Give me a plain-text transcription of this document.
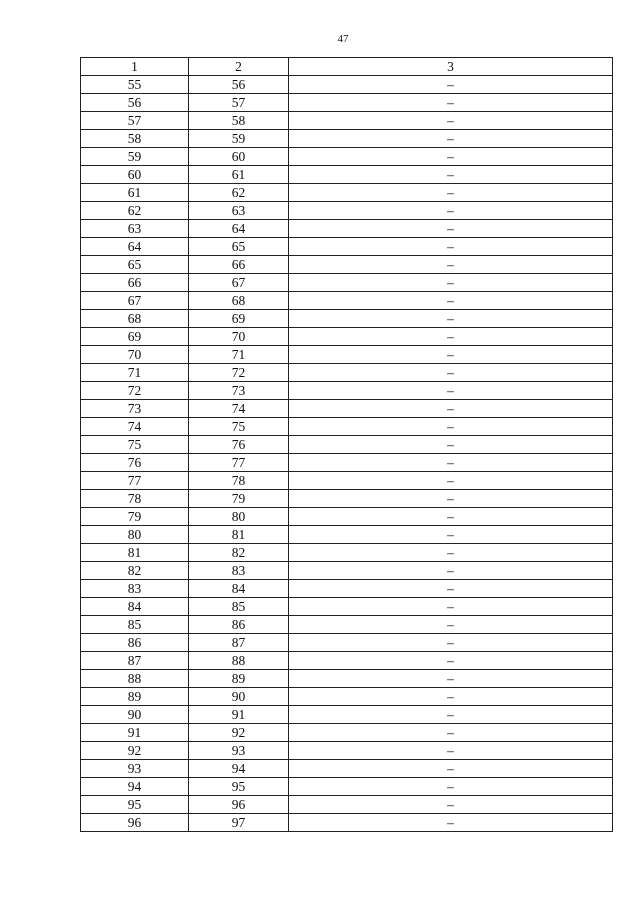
47
1	2	3
55	56	–
56	57	–
57	58	–
58	59	–
59	60	–
60	61	–
61	62	–
62	63	–
63	64	–
64	65	–
65	66	–
66	67	–
67	68	–
68	69	–
69	70	–
70	71	–
71	72	–
72	73	–
73	74	–
74	75	–
75	76	–
76	77	–
77	78	–
78	79	–
79	80	–
80	81	–
81	82	–
82	83	–
83	84	–
84	85	–
85	86	–
86	87	–
87	88	–
88	89	–
89	90	–
90	91	–
91	92	–
92	93	–
93	94	–
94	95	–
95	96	–
96	97	–
